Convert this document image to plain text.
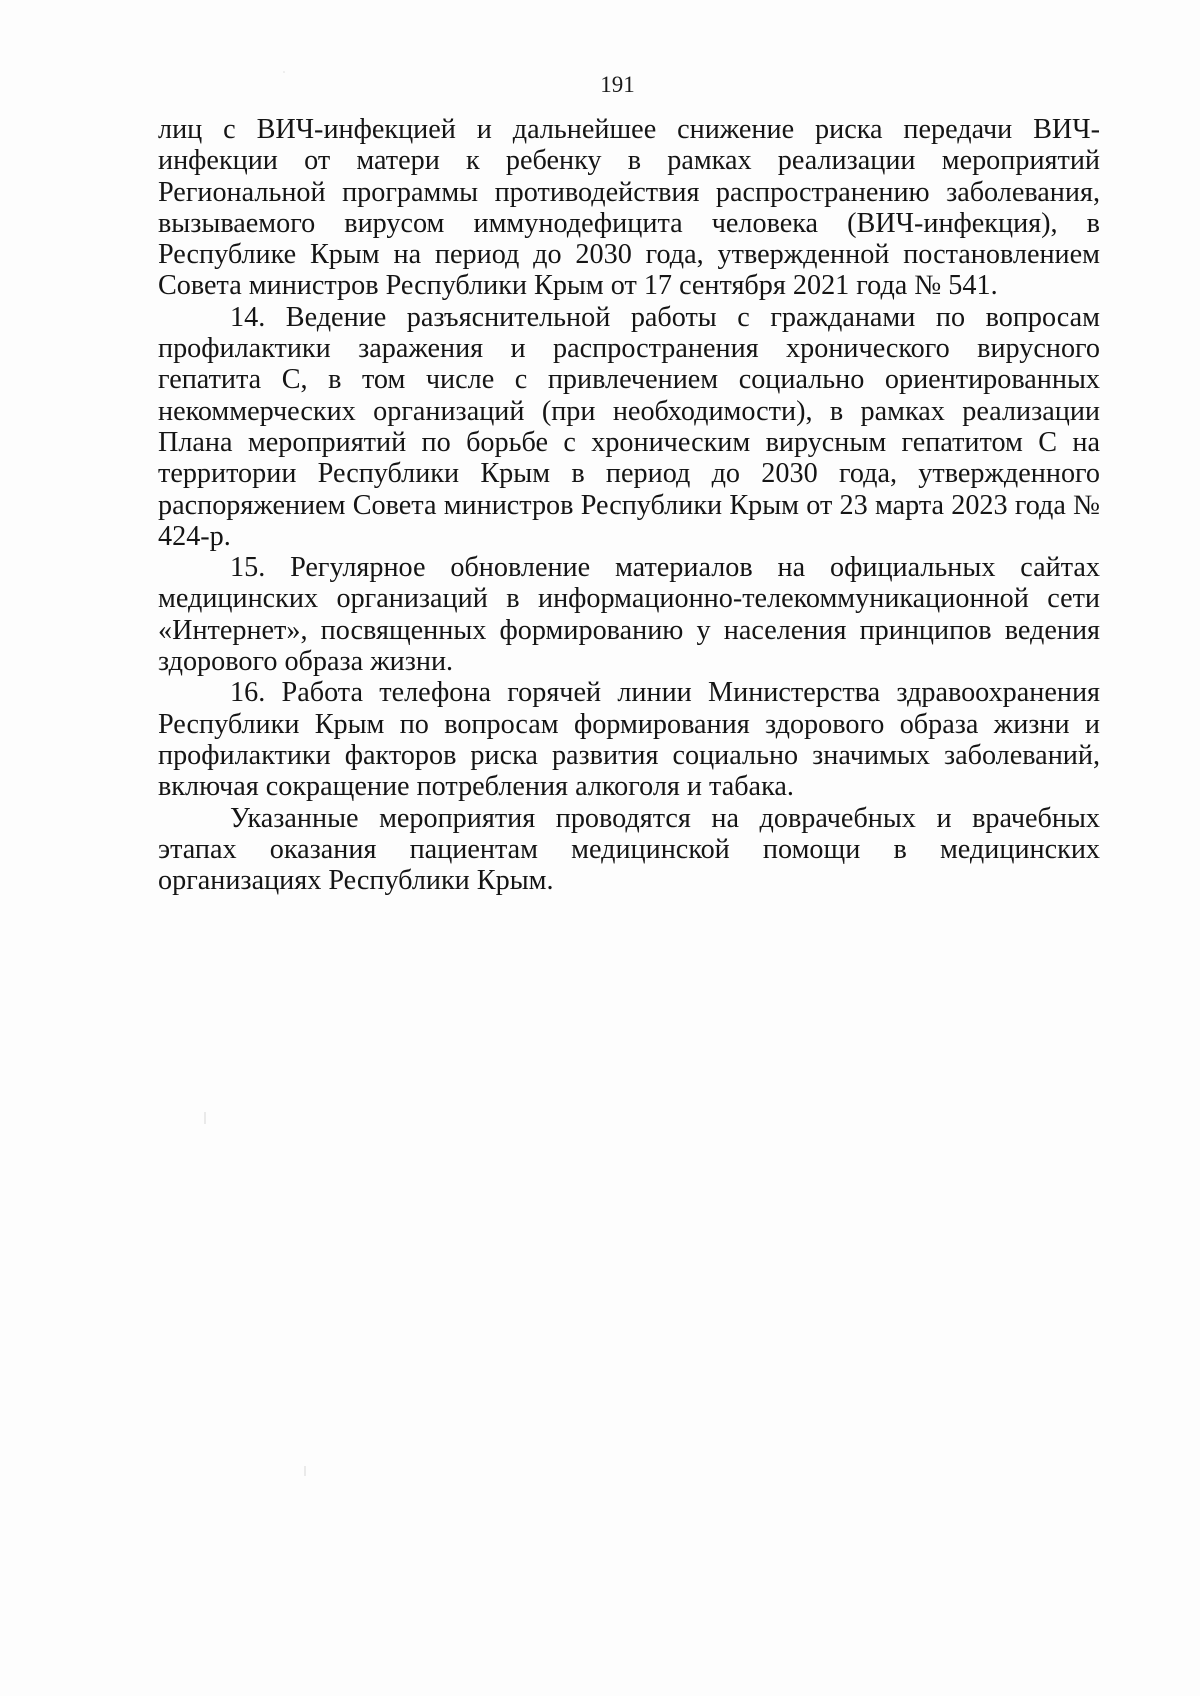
191

лиц с ВИЧ-инфекцией и дальнейшее снижение риска передачи ВИЧ-инфекции от матери к ребенку в рамках реализации мероприятий Региональной программы противодействия распространению заболевания, вызываемого вирусом иммунодефицита человека (ВИЧ-инфекция), в Республике Крым на период до 2030 года, утвержденной постановлением Совета министров Республики Крым от 17 сентября 2021 года № 541.

14. Ведение разъяснительной работы с гражданами по вопросам профилактики заражения и распространения хронического вирусного гепатита С, в том числе с привлечением социально ориентированных некоммерческих организаций (при необходимости), в рамках реализации Плана мероприятий по борьбе с хроническим вирусным гепатитом С на территории Республики Крым в период до 2030 года, утвержденного распоряжением Совета министров Республики Крым от 23 марта 2023 года № 424-р.

15. Регулярное обновление материалов на официальных сайтах медицинских организаций в информационно-телекоммуникационной сети «Интернет», посвященных формированию у населения принципов ведения здорового образа жизни.

16. Работа телефона горячей линии Министерства здравоохранения Республики Крым по вопросам формирования здорового образа жизни и профилактики факторов риска развития социально значимых заболеваний, включая сокращение потребления алкоголя и табака.

Указанные мероприятия проводятся на доврачебных и врачебных этапах оказания пациентам медицинской помощи в медицинских организациях Республики Крым.
